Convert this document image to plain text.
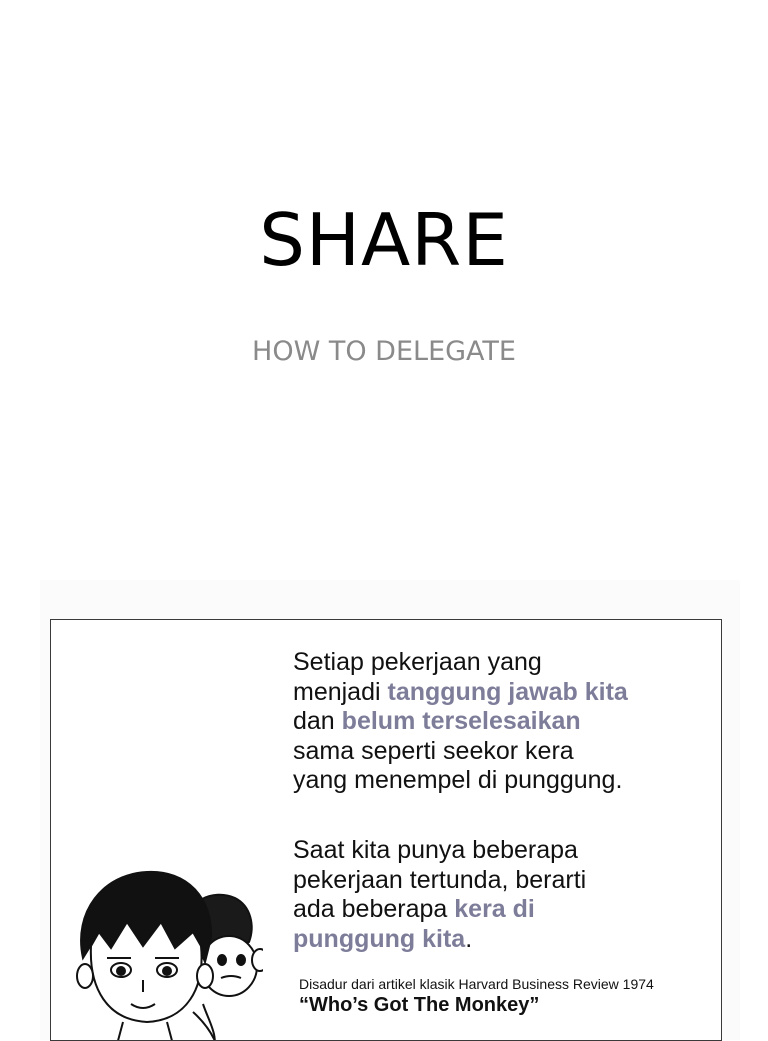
SHARE
HOW TO DELEGATE

Setiap pekerjaan yang
menjadi tanggung jawab kita
dan belum terselesaikan
sama seperti seekor kera
yang menempel di punggung.

Saat kita punya beberapa
pekerjaan tertunda, berarti
ada beberapa kera di
punggung kita.

Disadur dari artikel klasik Harvard Business Review 1974
“Who’s Got The Monkey”
